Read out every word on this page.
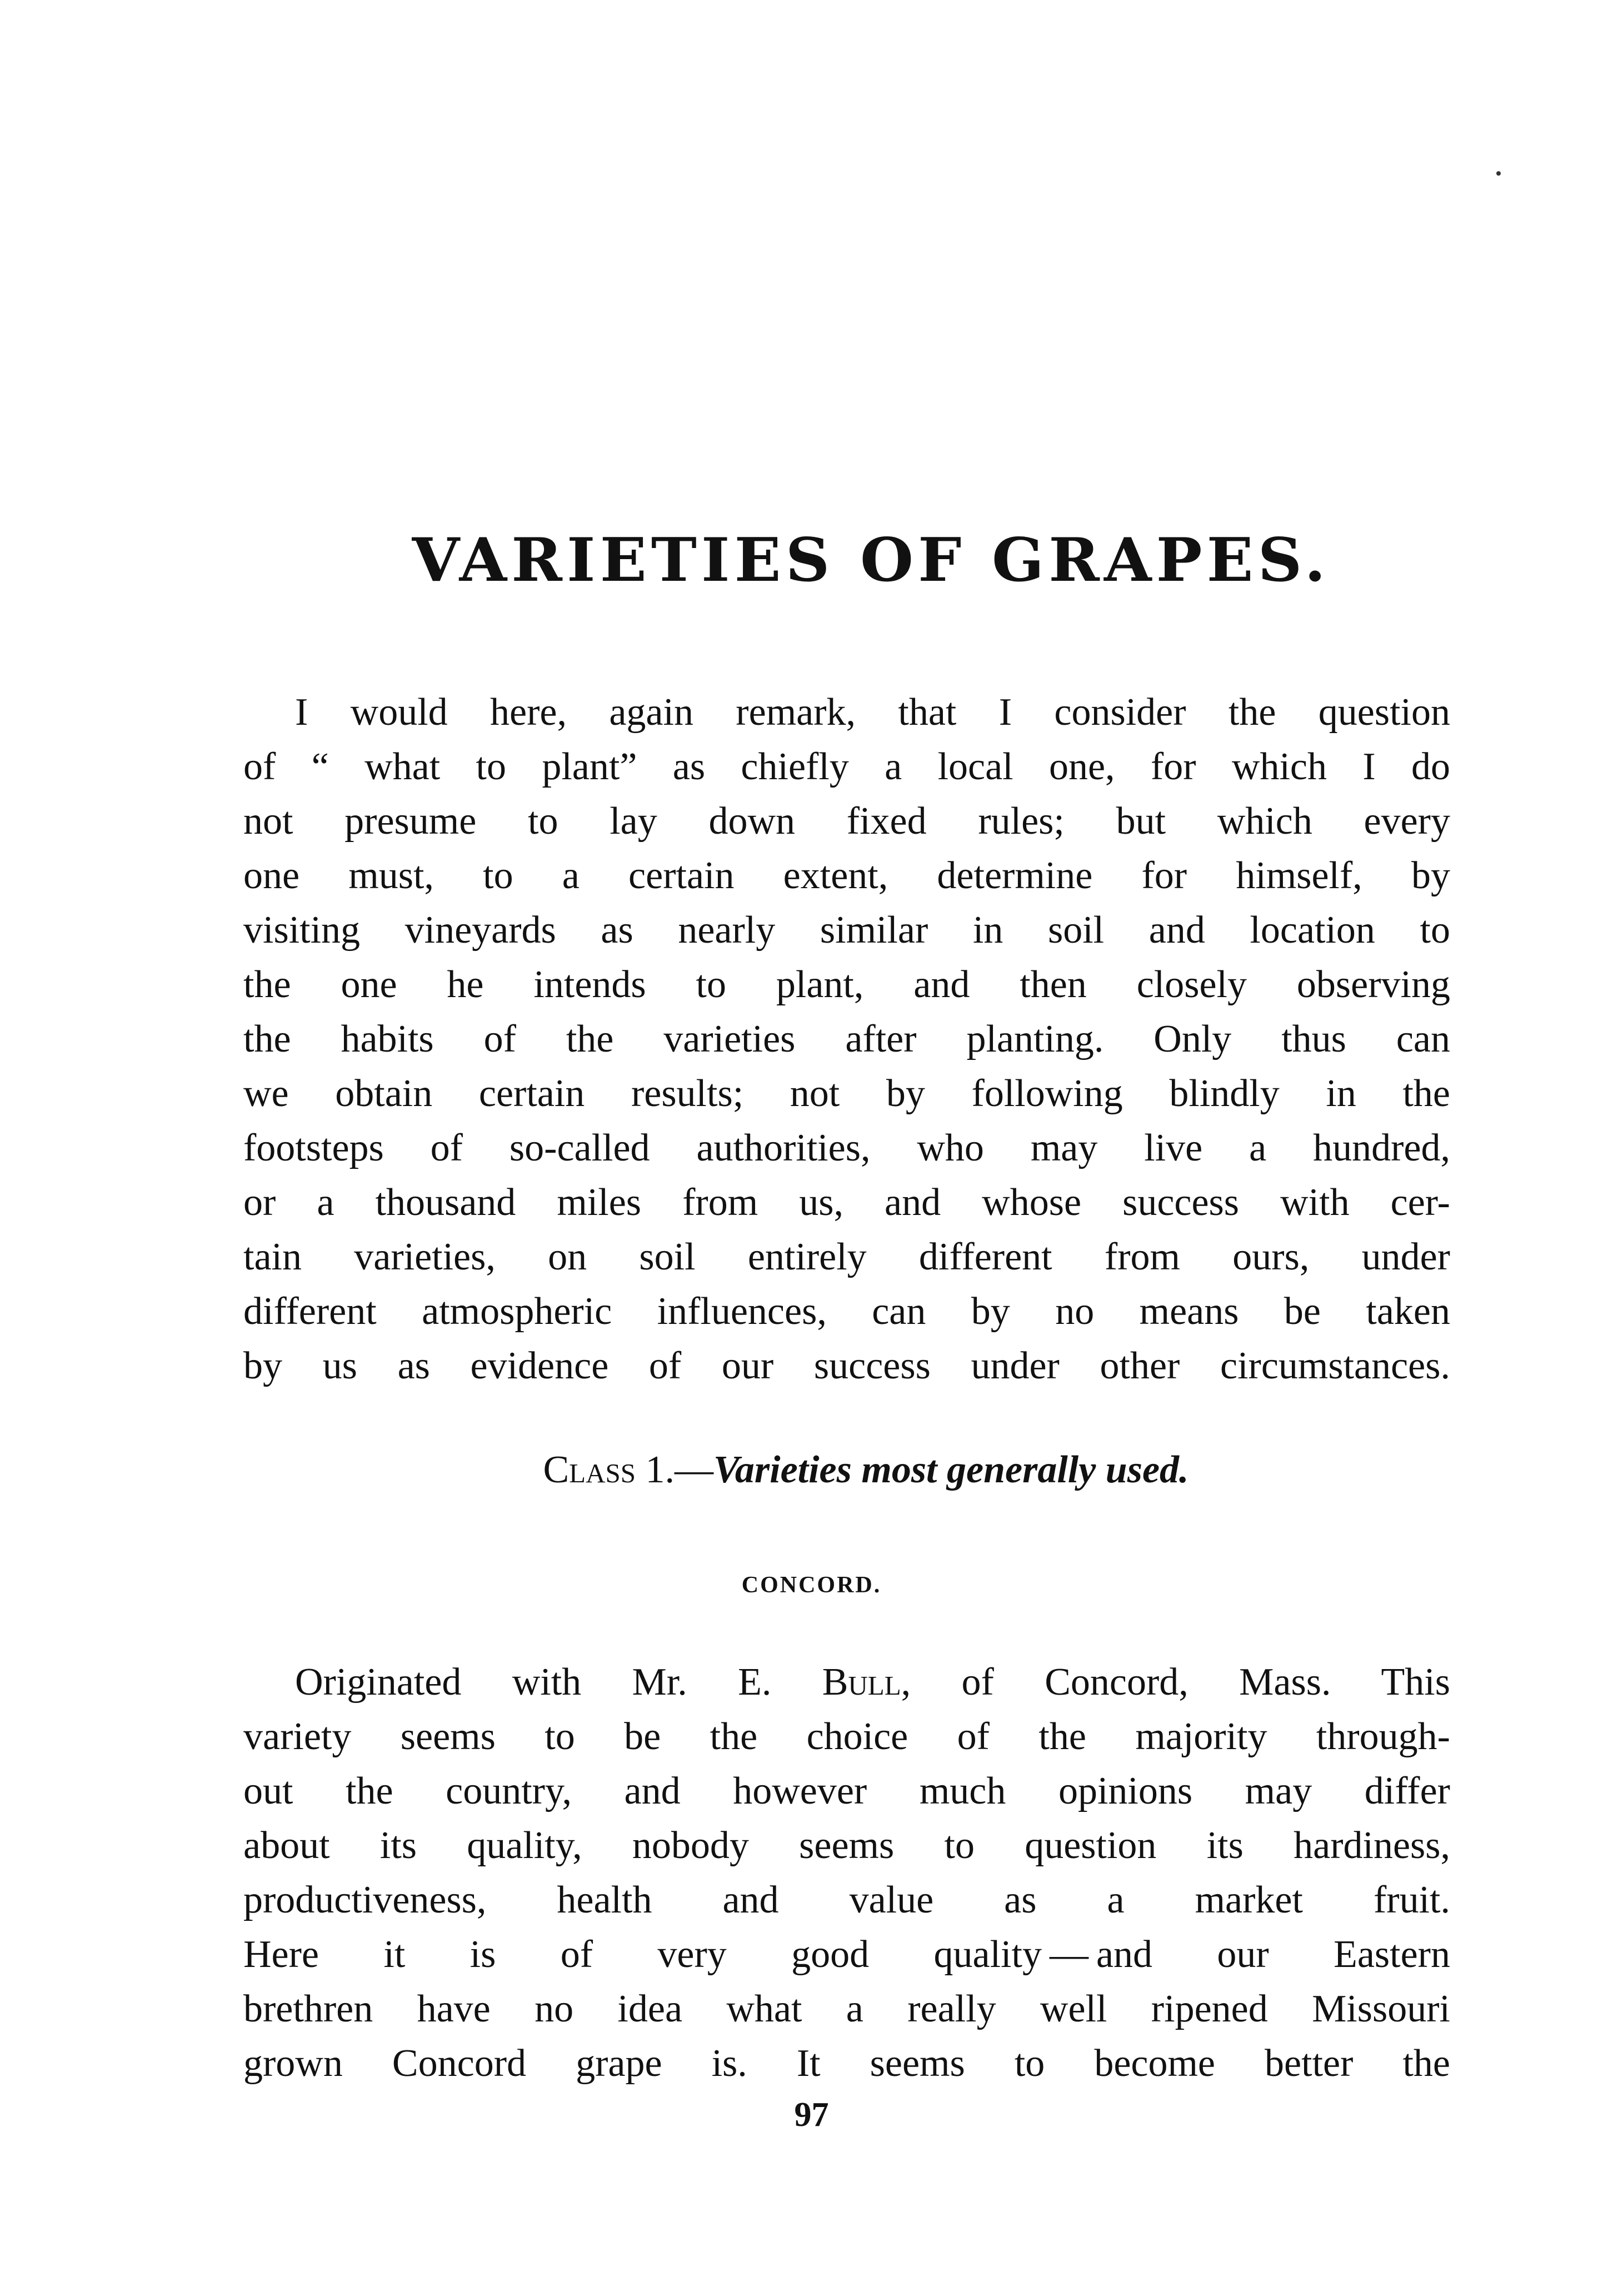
VARIETIES OF GRAPES.
I would here, again remark, that I consider the question
of “ what to plant” as chiefly a local one, for which I do
not presume to lay down fixed rules; but which every
one must, to a certain extent, determine for himself, by
visiting vineyards as nearly similar in soil and location to
the one he intends to plant, and then closely observing
the habits of the varieties after planting. Only thus can
we obtain certain results; not by following blindly in the
footsteps of so-called authorities, who may live a hundred,
or a thousand miles from us, and whose success with cer-
tain varieties, on soil entirely different from ours, under
different atmospheric influences, can by no means be taken
by us as evidence of our success under other circumstances.
Class 1.—Varieties most generally used.
CONCORD.
Originated with Mr. E. Bull, of Concord, Mass. This
variety seems to be the choice of the majority through-
out the country, and however much opinions may differ
about its quality, nobody seems to question its hardiness,
productiveness, health and value as a market fruit.
Here it is of very good quality — and our Eastern
brethren have no idea what a really well ripened Missouri
grown Concord grape is. It seems to become better the
97
